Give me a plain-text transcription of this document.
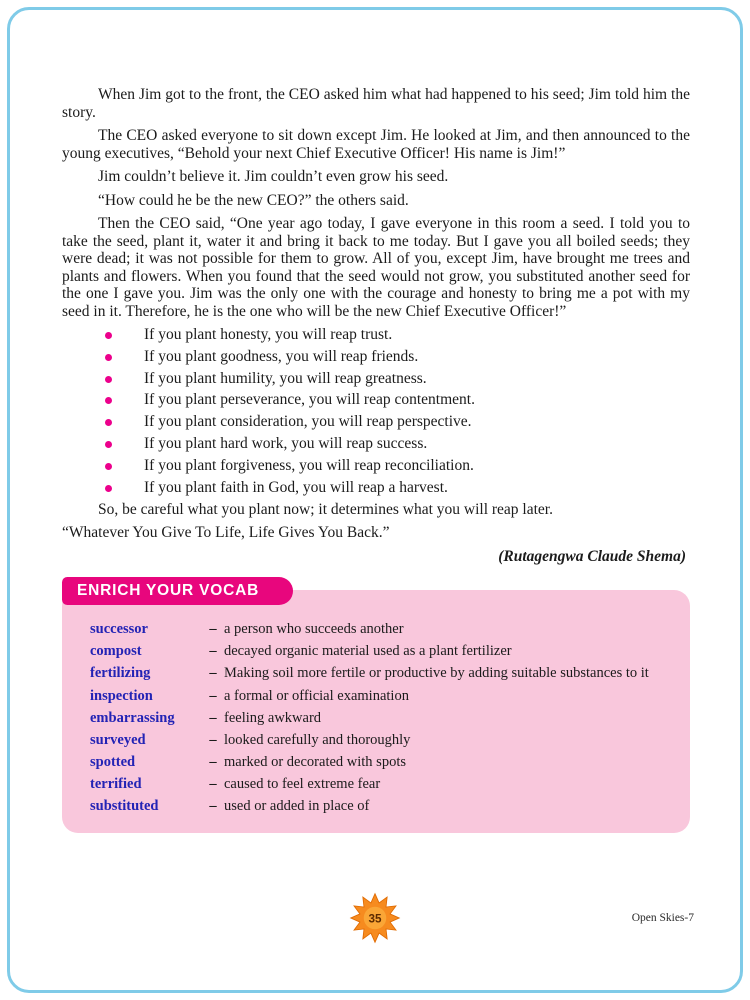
When Jim got to the front, the CEO asked him what had happened to his seed; Jim told him the story.

The CEO asked everyone to sit down except Jim. He looked at Jim, and then announced to the young executives, “Behold your next Chief Executive Officer! His name is Jim!”

Jim couldn’t believe it. Jim couldn’t even grow his seed.

“How could he be the new CEO?” the others said.

Then the CEO said, “One year ago today, I gave everyone in this room a seed. I told you to take the seed, plant it, water it and bring it back to me today. But I gave you all boiled seeds; they were dead; it was not possible for them to grow. All of you, except Jim, have brought me trees and plants and flowers. When you found that the seed would not grow, you substituted another seed for the one I gave you. Jim was the only one with the courage and honesty to bring me a pot with my seed in it. Therefore, he is the one who will be the new Chief Executive Officer!”

If you plant honesty, you will reap trust.
If you plant goodness, you will reap friends.
If you plant humility, you will reap greatness.
If you plant perseverance, you will reap contentment.
If you plant consideration, you will reap perspective.
If you plant hard work, you will reap success.
If you plant forgiveness, you will reap reconciliation.
If you plant faith in God, you will reap a harvest.

So, be careful what you plant now; it determines what you will reap later.

“Whatever You Give To Life, Life Gives You Back.”

(Rutagengwa Claude Shema)

ENRICH YOUR VOCAB
successor	– a person who succeeds another
compost	– decayed organic material used as a plant fertilizer
fertilizing	– Making soil more fertile or productive by adding suitable substances to it
inspection	– a formal or official examination
embarrassing	– feeling awkward
surveyed	– looked carefully and thoroughly
spotted	– marked or decorated with spots
terrified	– caused to feel extreme fear
substituted	– used or added in place of
35	Open Skies-7
